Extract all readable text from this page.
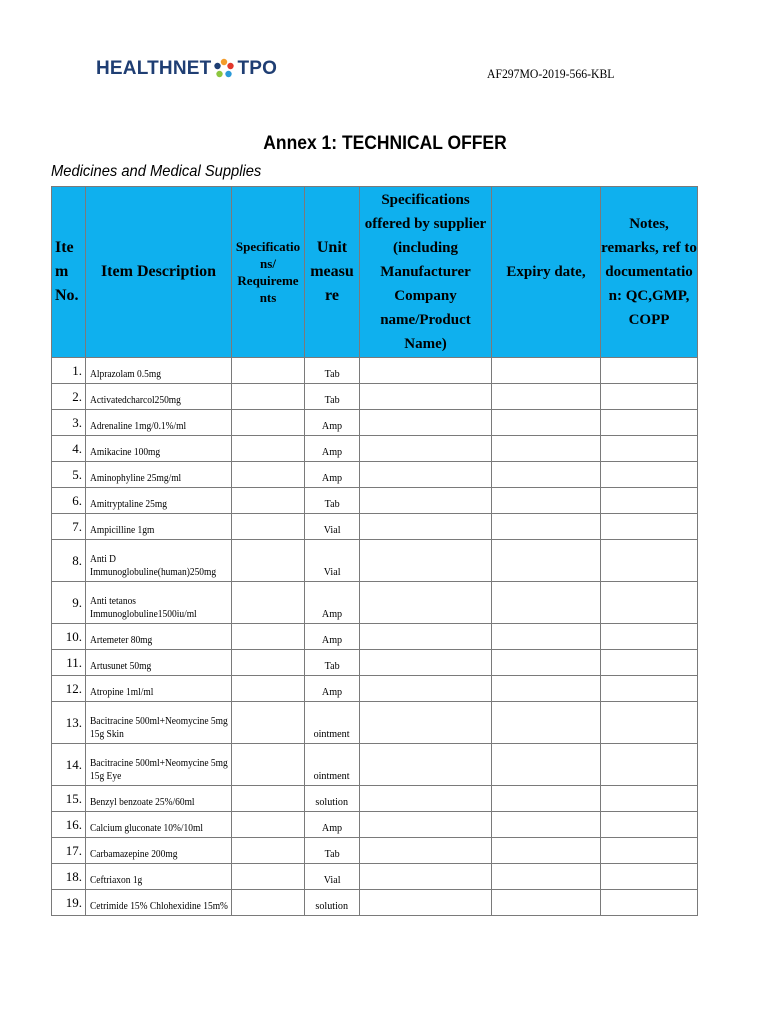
HEALTHNET TPO	AF297MO-2019-566-KBL
Annex 1: TECHNICAL OFFER
Medicines and Medical Supplies
Ite m No.	Item Description	Specificatio ns/ Requireme nts	Unit measu re	Specifications offered by supplier (including Manufacturer Company name/Product Name)	Expiry date,	Notes, remarks, ref to documentatio n: QC,GMP, COPP
1.	Alprazolam 0.5mg		Tab			
2.	Activatedcharcol250mg		Tab			
3.	Adrenaline 1mg/0.1%/ml		Amp			
4.	Amikacine 100mg		Amp			
5.	Aminophyline 25mg/ml		Amp			
6.	Amitryptaline 25mg		Tab			
7.	Ampicilline 1gm		Vial			
8.	Anti D
Immunoglobuline(human)250mg		Vial			
9.	Anti tetanos
Immunoglobuline1500iu/ml		Amp			
10.	Artemeter 80mg		Amp			
11.	Artusunet 50mg		Tab			
12.	Atropine 1ml/ml		Amp			
13.	Bacitracine 500ml+Neomycine 5mg
15g Skin		ointment			
14.	Bacitracine 500ml+Neomycine 5mg
15g Eye		ointment			
15.	Benzyl benzoate 25%/60ml		solution			
16.	Calcium gluconate 10%/10ml		Amp			
17.	Carbamazepine 200mg		Tab			
18.	Ceftriaxon 1g		Vial			
19.	Cetrimide 15% Chlohexidine 15m%		solution			
